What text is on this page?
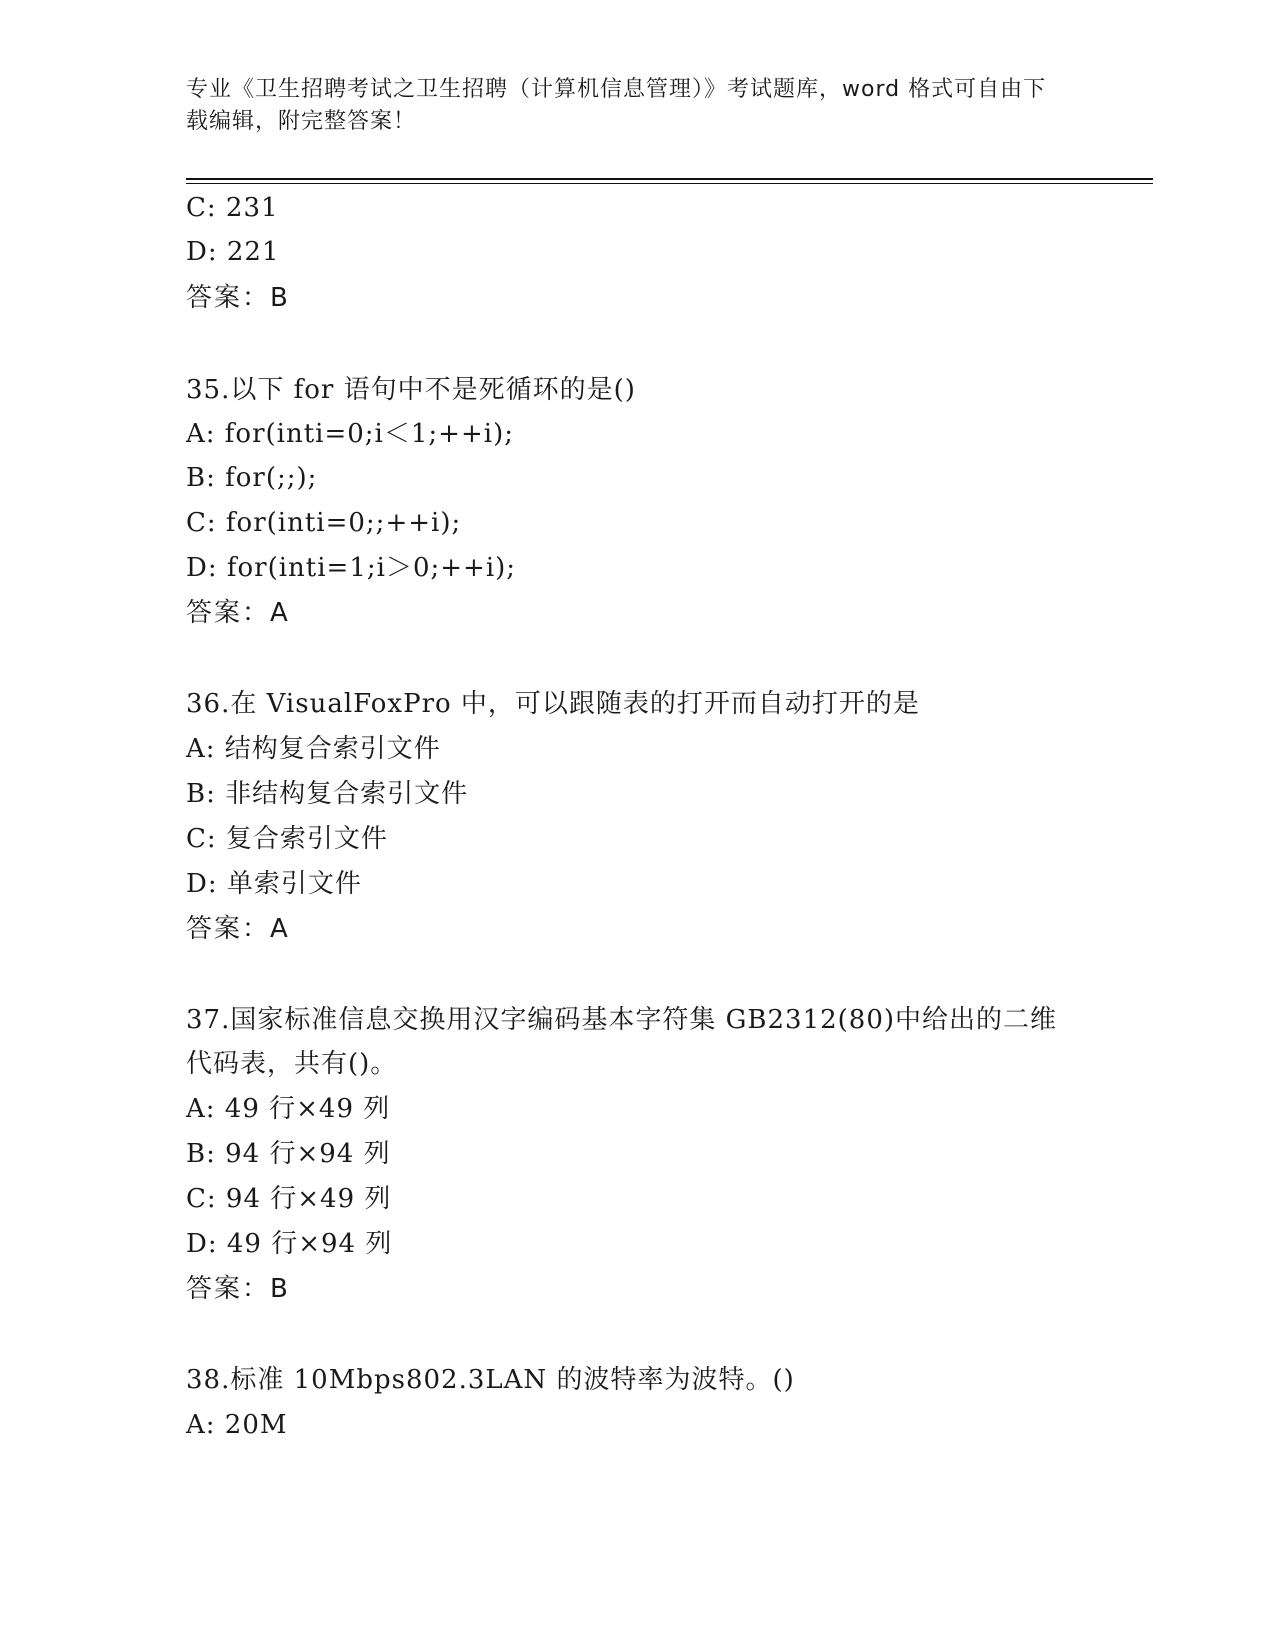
专业《卫生招聘考试之卫生招聘（计算机信息管理）》考试题库，word 格式可自由下载编辑，附完整答案！
C: 231
D: 221
答案：B
35.以下 for 语句中不是死循环的是()
A: for(inti=0;i＜1;++i);
B: for(;;);
C: for(inti=0;;++i);
D: for(inti=1;i＞0;++i);
答案：A
36.在 VisualFoxPro 中，可以跟随表的打开而自动打开的是
A: 结构复合索引文件
B: 非结构复合索引文件
C: 复合索引文件
D: 单索引文件
答案：A
37.国家标准信息交换用汉字编码基本字符集 GB2312(80)中给出的二维
代码表，共有()。
A: 49 行×49 列
B: 94 行×94 列
C: 94 行×49 列
D: 49 行×94 列
答案：B
38.标准 10Mbps802.3LAN 的波特率为波特。()
A: 20M
